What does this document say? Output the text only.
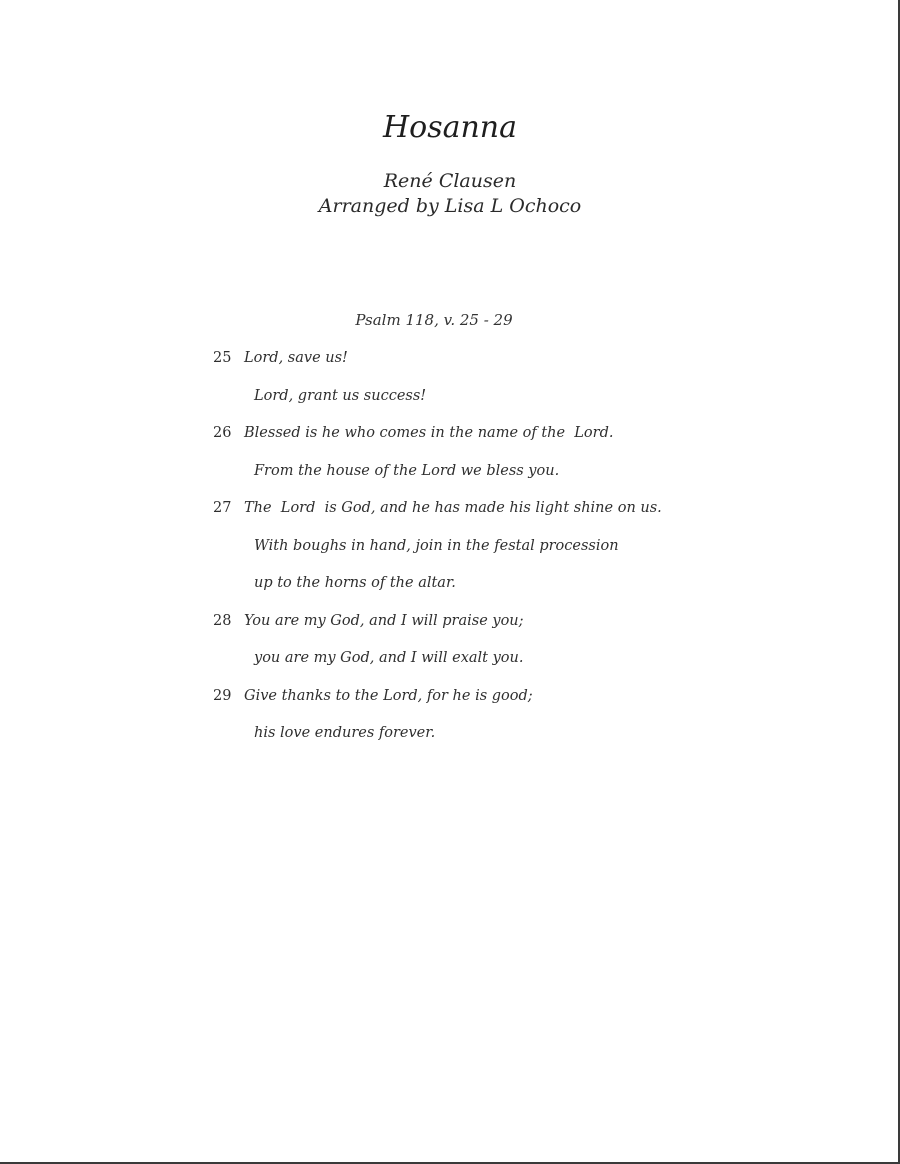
Hosanna
René Clausen
Arranged by Lisa L Ochoco
Psalm 118, v. 25 - 29
25 Lord, save us!
Lord, grant us success!
26 Blessed is he who comes in the name of the  Lord.
From the house of the Lord we bless you.
27 The  Lord  is God, and he has made his light shine on us.
With boughs in hand, join in the festal procession
up to the horns of the altar.
28 You are my God, and I will praise you;
you are my God, and I will exalt you.
29 Give thanks to the Lord, for he is good;
his love endures forever.
